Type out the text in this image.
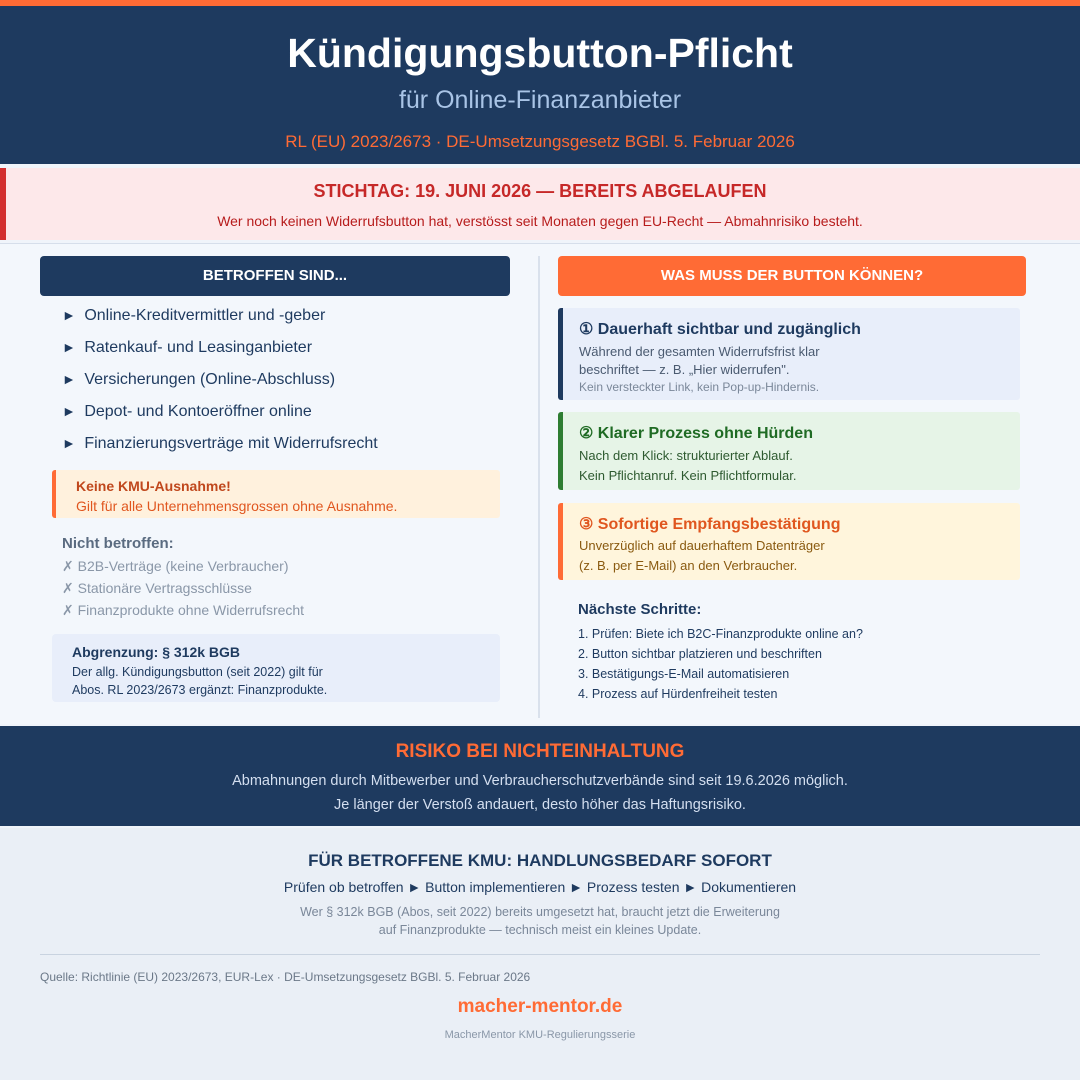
Kündigungsbutton-Pflicht
für Online-Finanzanbieter
RL (EU) 2023/2673 · DE-Umsetzungsgesetz BGBl. 5. Februar 2026
STICHTAG: 19. JUNI 2026 — BEREITS ABGELAUFEN
Wer noch keinen Widerrufsbutton hat, verstösst seit Monaten gegen EU-Recht — Abmahnrisiko besteht.
BETROFFEN SIND...
► Online-Kreditvermittler und -geber
► Ratenkauf- und Leasinganbieter
► Versicherungen (Online-Abschluss)
► Depot- und Kontoeröffner online
► Finanzierungsverträge mit Widerrufsrecht
Keine KMU-Ausnahme!
Gilt für alle Unternehmensgrossen ohne Ausnahme.
Nicht betroffen:
✗ B2B-Verträge (keine Verbraucher)
✗ Stationäre Vertragsschlüsse
✗ Finanzprodukte ohne Widerrufsrecht
Abgrenzung: § 312k BGB
Der allg. Kündigungsbutton (seit 2022) gilt für
Abos. RL 2023/2673 ergänzt: Finanzprodukte.
WAS MUSS DER BUTTON KÖNNEN?
① Dauerhaft sichtbar und zugänglich
Während der gesamten Widerrufsfrist klar
beschriftet — z. B. „Hier widerrufen".
Kein versteckter Link, kein Pop-up-Hindernis.
② Klarer Prozess ohne Hürden
Nach dem Klick: strukturierter Ablauf.
Kein Pflichtanruf. Kein Pflichtformular.
③ Sofortige Empfangsbestätigung
Unverzüglich auf dauerhaftem Datenträger
(z. B. per E-Mail) an den Verbraucher.
Nächste Schritte:
1. Prüfen: Biete ich B2C-Finanzprodukte online an?
2. Button sichtbar platzieren und beschriften
3. Bestätigungs-E-Mail automatisieren
4. Prozess auf Hürdenfreiheit testen
RISIKO BEI NICHTEINHALTUNG
Abmahnungen durch Mitbewerber und Verbraucherschutzverbände sind seit 19.6.2026 möglich.
Je länger der Verstoß andauert, desto höher das Haftungsrisiko.
FÜR BETROFFENE KMU: HANDLUNGSBEDARF SOFORT
Prüfen ob betroffen ► Button implementieren ► Prozess testen ► Dokumentieren
Wer § 312k BGB (Abos, seit 2022) bereits umgesetzt hat, braucht jetzt die Erweiterung
auf Finanzprodukte — technisch meist ein kleines Update.
Quelle: Richtlinie (EU) 2023/2673, EUR-Lex · DE-Umsetzungsgesetz BGBl. 5. Februar 2026
macher-mentor.de
MacherMentor KMU-Regulierungsserie
